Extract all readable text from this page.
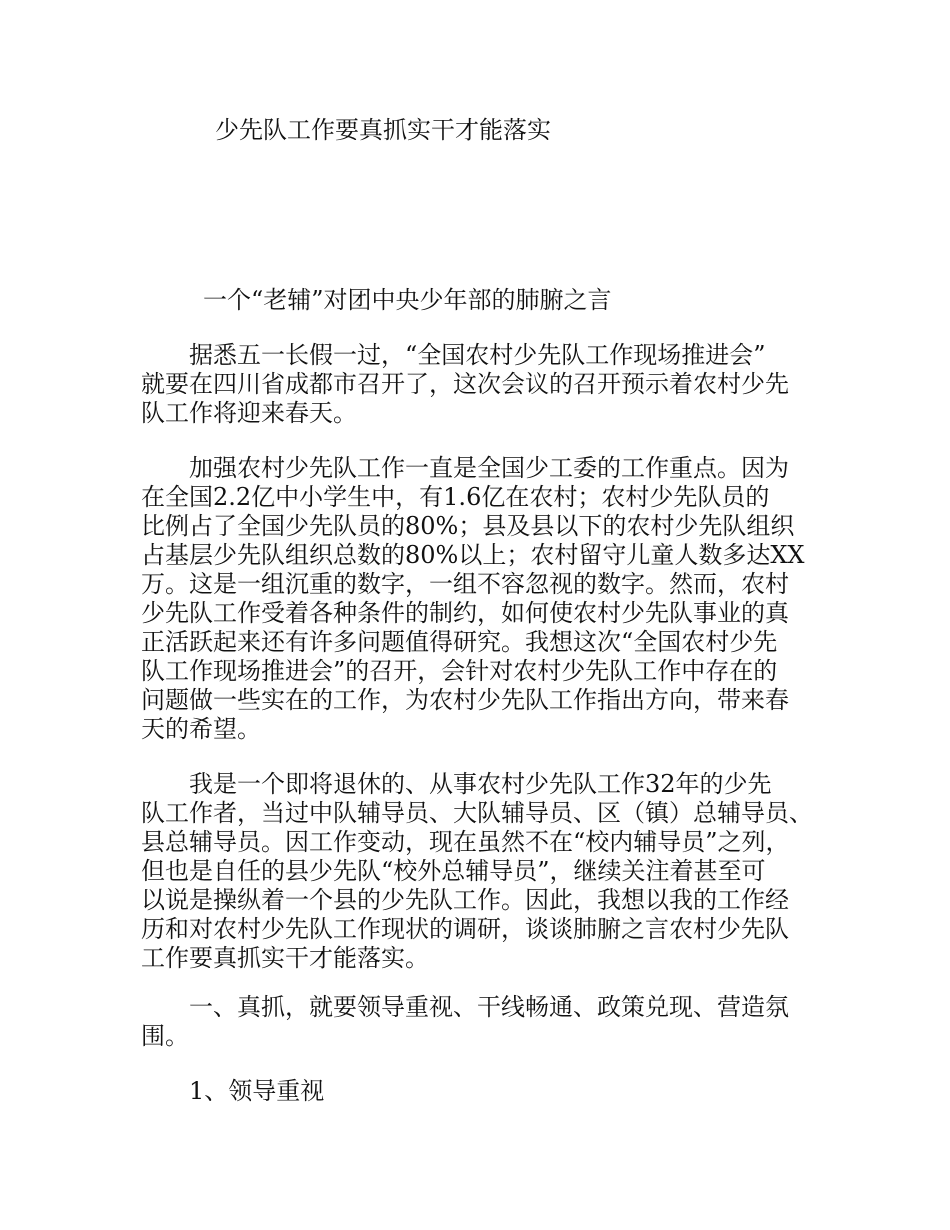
少先队工作要真抓实干才能落实
一个“老辅”对团中央少年部的肺腑之言
据悉五一长假一过，“全国农村少先队工作现场推进会”
就要在四川省成都市召开了，这次会议的召开预示着农村少先
队工作将迎来春天。
加强农村少先队工作一直是全国少工委的工作重点。因为
在全国2.2亿中小学生中，有1.6亿在农村；农村少先队员的
比例占了全国少先队员的80%；县及县以下的农村少先队组织
占基层少先队组织总数的80%以上；农村留守儿童人数多达XX
万。这是一组沉重的数字，一组不容忽视的数字。然而，农村
少先队工作受着各种条件的制约，如何使农村少先队事业的真
正活跃起来还有许多问题值得研究。我想这次“全国农村少先
队工作现场推进会”的召开，会针对农村少先队工作中存在的
问题做一些实在的工作，为农村少先队工作指出方向，带来春
天的希望。
我是一个即将退休的、从事农村少先队工作32年的少先
队工作者，当过中队辅导员、大队辅导员、区（镇）总辅导员、
县总辅导员。因工作变动，现在虽然不在“校内辅导员”之列，
但也是自任的县少先队“校外总辅导员”，继续关注着甚至可
以说是操纵着一个县的少先队工作。因此，我想以我的工作经
历和对农村少先队工作现状的调研，谈谈肺腑之言农村少先队
工作要真抓实干才能落实。
一、真抓，就要领导重视、干线畅通、政策兑现、营造氛
围。
1、领导重视
